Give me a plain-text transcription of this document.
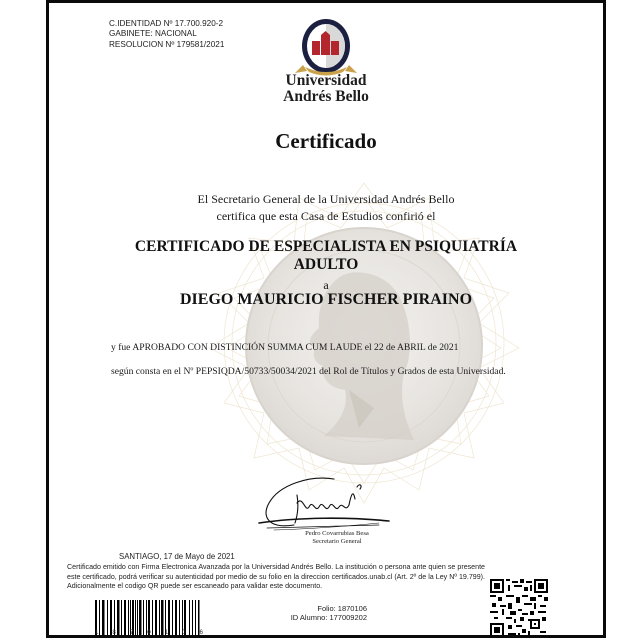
C.IDENTIDAD Nº 17.700.920-2
GABINETE: NACIONAL
RESOLUCION Nº 179581/2021
Universidad
Andrés Bello
Certificado
El Secretario General de la Universidad Andrés Bello
certifica que esta Casa de Estudios confirió el
CERTIFICADO DE ESPECIALISTA EN PSIQUIATRÍA
ADULTO
a
DIEGO MAURICIO FISCHER PIRAINO
y fue APROBADO CON DISTINCIÓN SUMMA CUM LAUDE el 22 de ABRIL de 2021
según consta en el Nº PEPSIQDA/50733/50034/2021 del Rol de Títulos y Grados de esta Universidad.
Pedro Covarrubias Besa
Secretario General
SANTIAGO, 17 de Mayo de 2021
Certificado emitido con Firma Electronica Avanzada por la Universidad Andrés Bello. La institución o persona ante quien se presente este certificado, podrá verificar su autenticidad por medio de su folio en la direccion certificados.unab.cl (Art. 2º de la Ley Nº 19.799). Adicionalmente el codigo QR puede ser escaneado para validar este documento.
1 8 7 0 1 0 6
Folio: 1870106
ID Alumno: 177009202
